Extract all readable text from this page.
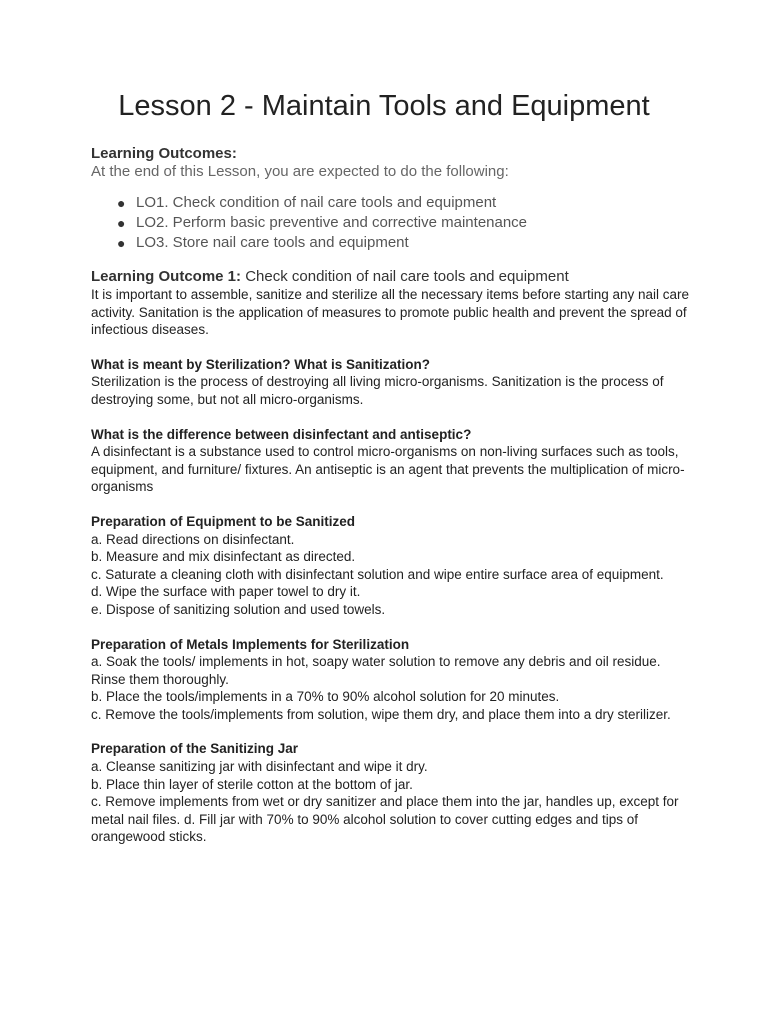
Lesson 2 - Maintain Tools and Equipment
Learning Outcomes:
At the end of this Lesson, you are expected to do the following:
● LO1. Check condition of nail care tools and equipment
● LO2. Perform basic preventive and corrective maintenance
● LO3. Store nail care tools and equipment
Learning Outcome 1: Check condition of nail care tools and equipment

It is important to assemble, sanitize and sterilize all the necessary items before starting any nail care activity. Sanitation is the application of measures to promote public health and prevent the spread of infectious diseases.

What is meant by Sterilization? What is Sanitization?

Sterilization is the process of destroying all living micro-organisms. Sanitization is the process of destroying some, but not all micro-organisms.

What is the difference between disinfectant and antiseptic?

A disinfectant is a substance used to control micro-organisms on non-living surfaces such as tools, equipment, and furniture/ fixtures. An antiseptic is an agent that prevents the multiplication of micro-organisms

Preparation of Equipment to be Sanitized
a. Read directions on disinfectant.
b. Measure and mix disinfectant as directed.
c. Saturate a cleaning cloth with disinfectant solution and wipe entire surface area of equipment.
d. Wipe the surface with paper towel to dry it.
e. Dispose of sanitizing solution and used towels.
Preparation of Metals Implements for Sterilization
a. Soak the tools/ implements in hot, soapy water solution to remove any debris and oil residue. Rinse them thoroughly.
b. Place the tools/implements in a 70% to 90% alcohol solution for 20 minutes.
c. Remove the tools/implements from solution, wipe them dry, and place them into a dry sterilizer.
Preparation of the Sanitizing Jar
a. Cleanse sanitizing jar with disinfectant and wipe it dry.
b. Place thin layer of sterile cotton at the bottom of jar.
c. Remove implements from wet or dry sanitizer and place them into the jar, handles up, except for metal nail files. d. Fill jar with 70% to 90% alcohol solution to cover cutting edges and tips of orangewood sticks.
